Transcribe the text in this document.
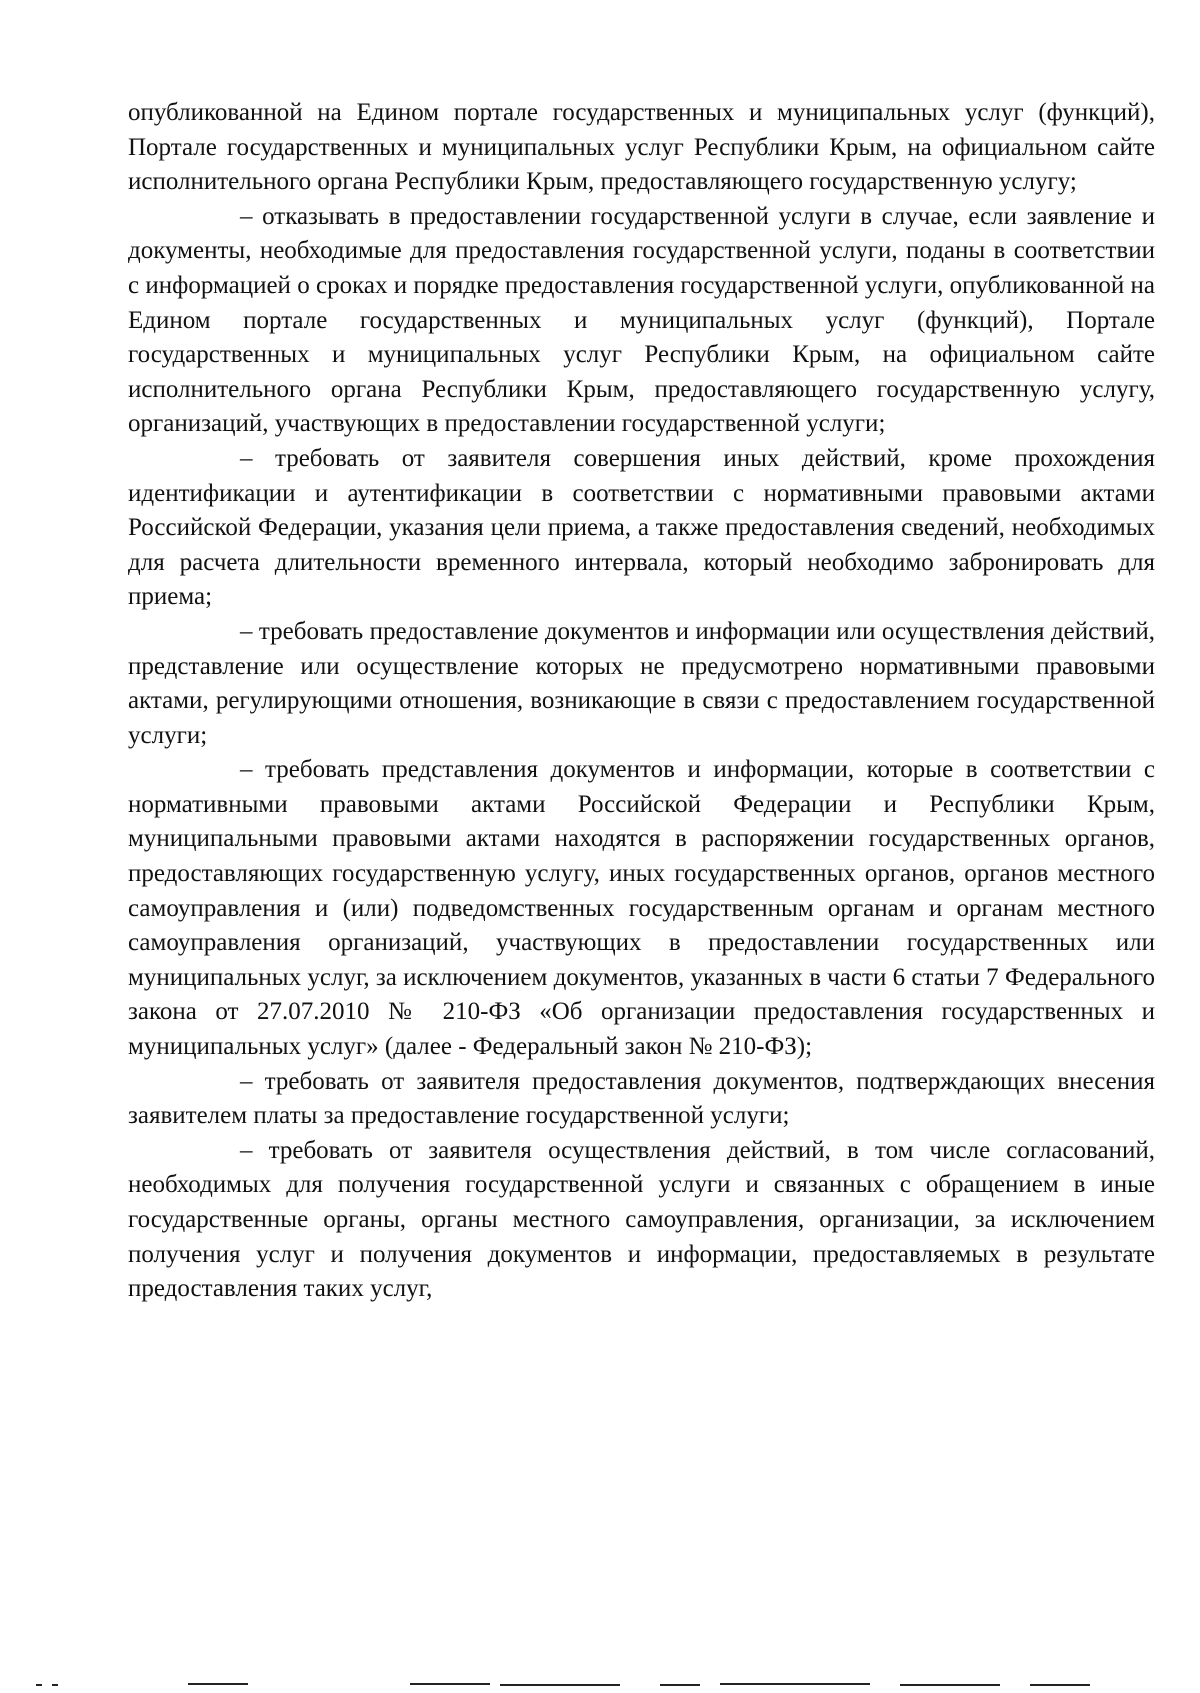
опубликованной на Едином портале государственных и муниципальных услуг (функций), Портале государственных и муниципальных услуг Республики Крым, на официальном сайте исполнительного органа Республики Крым, предоставляющего государственную услугу;

– отказывать в предоставлении государственной услуги в случае, если заявление и документы, необходимые для предоставления государственной услуги, поданы в соответствии с информацией о сроках и порядке предоставления государственной услуги, опубликованной на Едином портале государственных и муниципальных услуг (функций), Портале государственных и муниципальных услуг Республики Крым, на официальном сайте исполнительного органа Республики Крым, предоставляющего государственную услугу, организаций, участвующих в предоставлении государственной услуги;

– требовать от заявителя совершения иных действий, кроме прохождения идентификации и аутентификации в соответствии с нормативными правовыми актами Российской Федерации, указания цели приема, а также предоставления сведений, необходимых для расчета длительности временного интервала, который необходимо забронировать для приема;

– требовать предоставление документов и информации или осуществления действий, представление или осуществление которых не предусмотрено нормативными правовыми актами, регулирующими отношения, возникающие в связи с предоставлением государственной услуги;

– требовать представления документов и информации, которые в соответствии с нормативными правовыми актами Российской Федерации и Республики Крым, муниципальными правовыми актами находятся в распоряжении государственных органов, предоставляющих государственную услугу, иных государственных органов, органов местного самоуправления и (или) подведомственных государственным органам и органам местного самоуправления организаций, участвующих в предоставлении государственных или муниципальных услуг, за исключением документов, указанных в части 6 статьи 7 Федерального закона от 27.07.2010 № 210-ФЗ «Об организации предоставления государственных и муниципальных услуг» (далее - Федеральный закон № 210-ФЗ);

– требовать от заявителя предоставления документов, подтверждающих внесения заявителем платы за предоставление государственной услуги;

– требовать от заявителя осуществления действий, в том числе согласований, необходимых для получения государственной услуги и связанных с обращением в иные государственные органы, органы местного самоуправления, организации, за исключением получения услуг и получения документов и информации, предоставляемых в результате предоставления таких услуг,
